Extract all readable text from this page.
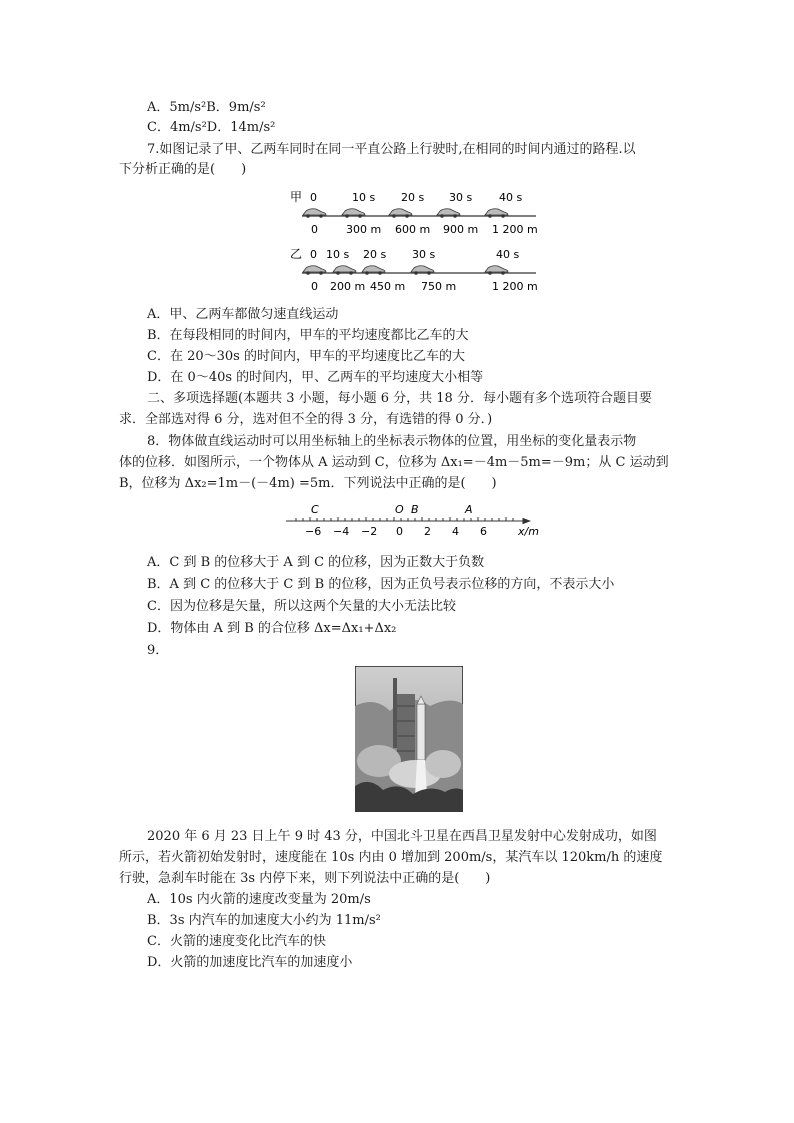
A．5m/s²B．9m/s²
C．4m/s²D．14m/s²
7.如图记录了甲、乙两车同时在同一平直公路上行驶时,在相同的时间内通过的路程.以
下分析正确的是(　　)
甲
乙
0	10 s 20 s 30 s 40 s
0	300 m 600 m 900 m 1 200 m
0 10 s 20 s 30 s	40 s
0 200 m 450 m 750 m	1 200 m
A．甲、乙两车都做匀速直线运动
B．在每段相同的时间内，甲车的平均速度都比乙车的大
C．在 20～30s 的时间内，甲车的平均速度比乙车的大
D．在 0～40s 的时间内，甲、乙两车的平均速度大小相等
二、多项选择题(本题共 3 小题，每小题 6 分，共 18 分．每小题有多个选项符合题目要
求．全部选对得 6 分，选对但不全的得 3 分，有选错的得 0 分．)
8．物体做直线运动时可以用坐标轴上的坐标表示物体的位置，用坐标的变化量表示物
体的位移．如图所示，一个物体从 A 运动到 C，位移为 Δx₁=－4m－5m=－9m；从 C 运动到
B，位移为 Δx₂=1m－(－4m) =5m．下列说法中正确的是(　　)
C	O B	A
−6 −4 −2 0 2 4 6	x/m
A．C 到 B 的位移大于 A 到 C 的位移，因为正数大于负数
B．A 到 C 的位移大于 C 到 B 的位移，因为正负号表示位移的方向，不表示大小
C．因为位移是矢量，所以这两个矢量的大小无法比较
D．物体由 A 到 B 的合位移 Δx=Δx₁+Δx₂
9．
2020 年 6 月 23 日上午 9 时 43 分，中国北斗卫星在西昌卫星发射中心发射成功，如图
所示，若火箭初始发射时，速度能在 10s 内由 0 增加到 200m/s，某汽车以 120km/h 的速度
行驶，急刹车时能在 3s 内停下来，则下列说法中正确的是(　　)
A．10s 内火箭的速度改变量为 20m/s
B．3s 内汽车的加速度大小约为 11m/s²
C．火箭的速度变化比汽车的快
D．火箭的加速度比汽车的加速度小
